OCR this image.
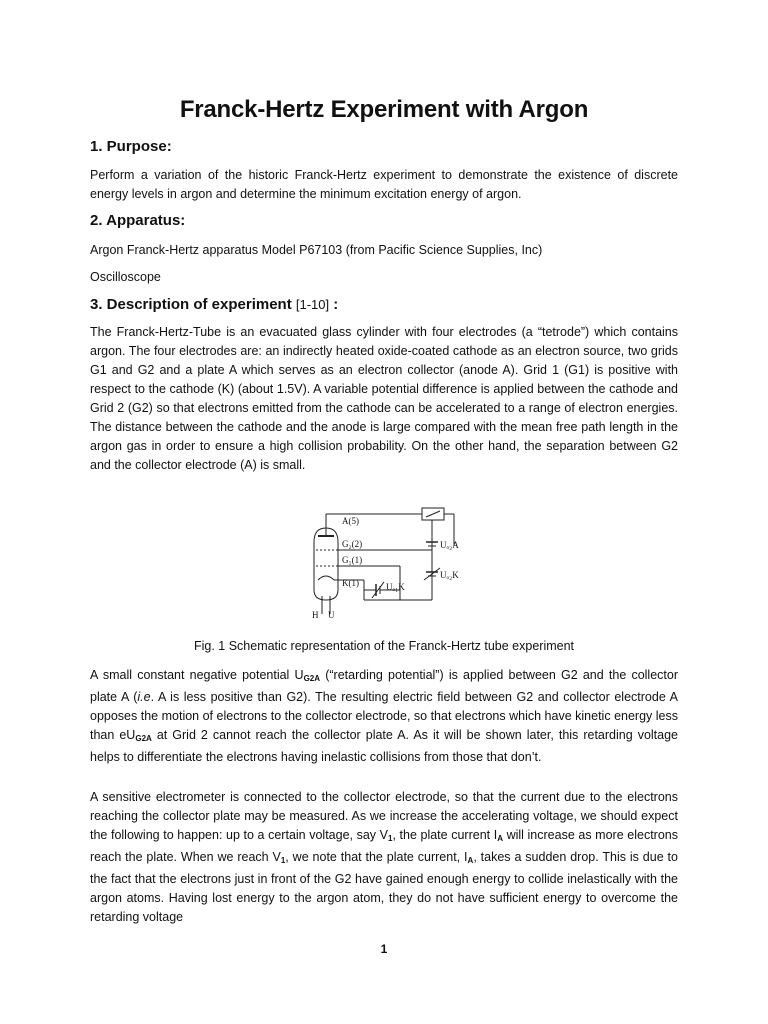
Franck-Hertz Experiment with Argon
1. Purpose:

Perform a variation of the historic Franck-Hertz experiment to demonstrate the existence of discrete energy levels in argon and determine the minimum excitation energy of argon.

2. Apparatus:

Argon Franck-Hertz apparatus Model P67103 (from Pacific Science Supplies, Inc)

Oscilloscope

3. Description of experiment [1-10] :

The Franck-Hertz-Tube is an evacuated glass cylinder with four electrodes (a “tetrode”) which contains argon. The four electrodes are: an indirectly heated oxide-coated cathode as an electron source, two grids G1 and G2 and a plate A which serves as an electron collector (anode A). Grid 1 (G1) is positive with respect to the cathode (K) (about 1.5V). A variable potential difference is applied between the cathode and Grid 2 (G2) so that electrons emitted from the cathode can be accelerated to a range of electron energies. The distance between the cathode and the anode is large compared with the mean free path length in the argon gas in order to ensure a high collision probability. On the other hand, the separation between G2 and the collector electrode (A) is small.

A(5)
G₂(2)
G₁(1)
K(1)
H U
Uₒ₂A
Uₒ₂K
Uₒ₁K
Fig. 1 Schematic representation of the Franck-Hertz tube experiment

A small constant negative potential $U_{G2A}$ (“retarding potential”) is applied between G2 and the collector plate A (i.e. A is less positive than G2). The resulting electric field between G2 and collector electrode A opposes the motion of electrons to the collector electrode, so that electrons which have kinetic energy less than $eU_{G2A}$ at Grid 2 cannot reach the collector plate A. As it will be shown later, this retarding voltage helps to differentiate the electrons having inelastic collisions from those that don’t.

A sensitive electrometer is connected to the collector electrode, so that the current due to the electrons reaching the collector plate may be measured. As we increase the accelerating voltage, we should expect the following to happen: up to a certain voltage, say $V_1$, the plate current $I_A$ will increase as more electrons reach the plate. When we reach $V_1$, we note that the plate current, $I_A$, takes a sudden drop. This is due to the fact that the electrons just in front of the G2 have gained enough energy to collide inelastically with the argon atoms. Having lost energy to the argon atom, they do not have sufficient energy to overcome the retarding voltage

1
